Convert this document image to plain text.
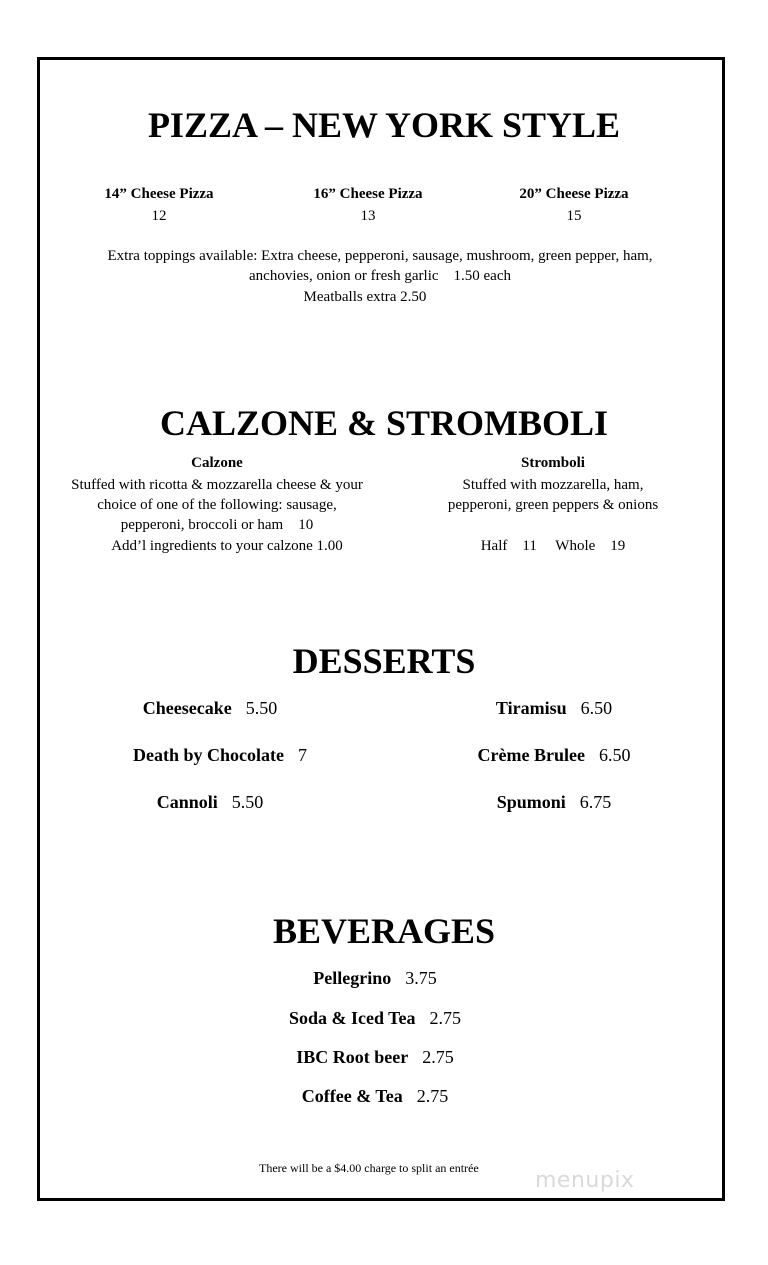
PIZZA – NEW YORK STYLE
14” Cheese Pizza
12
16” Cheese Pizza
13
20” Cheese Pizza
15
Extra toppings available: Extra cheese, pepperoni, sausage, mushroom, green pepper, ham,
anchovies, onion or fresh garlic    1.50 each
Meatballs extra 2.50
CALZONE & STROMBOLI
Calzone
Stuffed with ricotta & mozzarella cheese & your
choice of one of the following: sausage,
pepperoni, broccoli or ham    10
Add’l ingredients to your calzone 1.00
Stromboli
Stuffed with mozzarella, ham,
pepperoni, green peppers & onions
Half    11     Whole    19
DESSERTS
Cheesecake 5.50
Death by Chocolate 7
Cannoli 5.50
Tiramisu 6.50
Crème Brulee 6.50
Spumoni 6.75
BEVERAGES
Pellegrino 3.75
Soda & Iced Tea 2.75
IBC Root beer 2.75
Coffee & Tea 2.75
There will be a $4.00 charge to split an entrée	menupix
